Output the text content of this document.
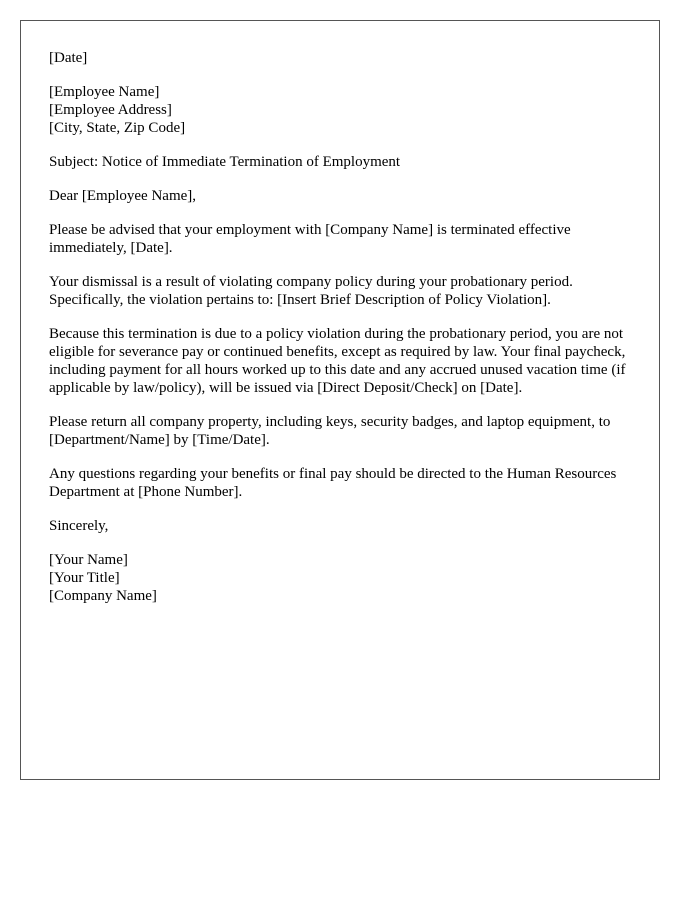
[Date]
[Employee Name]
[Employee Address]
[City, State, Zip Code]
Subject: Notice of Immediate Termination of Employment
Dear [Employee Name],

Please be advised that your employment with [Company Name] is terminated effective immediately, [Date].

Your dismissal is a result of violating company policy during your probationary period. Specifically, the violation pertains to: [Insert Brief Description of Policy Violation].

Because this termination is due to a policy violation during the probationary period, you are not eligible for severance pay or continued benefits, except as required by law. Your final paycheck, including payment for all hours worked up to this date and any accrued unused vacation time (if applicable by law/policy), will be issued via [Direct Deposit/Check] on [Date].

Please return all company property, including keys, security badges, and laptop equipment, to [Department/Name] by [Time/Date].

Any questions regarding your benefits or final pay should be directed to the Human Resources Department at [Phone Number].

Sincerely,
[Your Name]
[Your Title]
[Company Name]
